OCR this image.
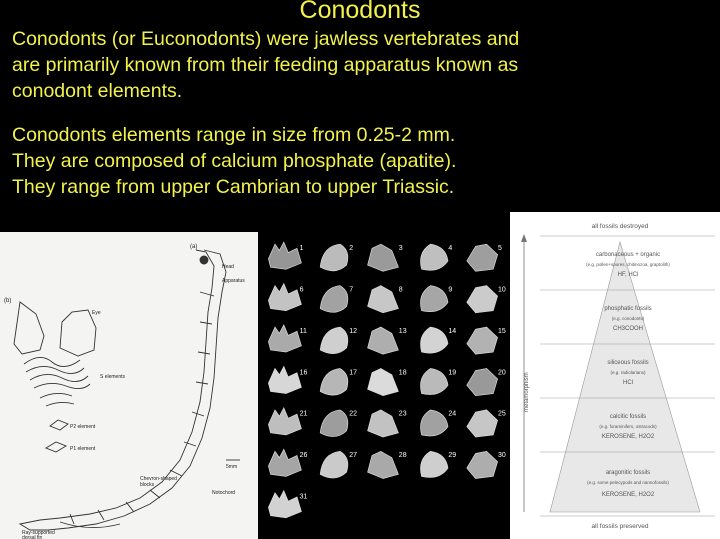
Conodonts

Conodonts (or Euconodonts) were jawless vertebrates and
are primarily known from their feeding apparatus known as
conodont elements.

Conodonts elements range in size from 0.25-2 mm.
They are composed of calcium phosphate (apatite).
They range from upper Cambrian to upper Triassic.

(b)
(a)
Eye
S elements
P2 element
P1 element
Head
Apparatus
Chevron-shaped
blocks
Notochord
Ray-supported
dorsal fin
5mm
1	2	3	4	5
6	7	8	9	10
11	12	13	14	15
16	17	18	19	20
21	22	23	24	25
26	27	28	29	30
31
metamorphism
all fossils destroyed
all fossils preserved
carbonaceous + organic
(e.g. pollen+spores, chitinozoa, graptolith)
HF, HCl
phosphatic fossils
(e.g. conodonts)
CH3COOH
siliceous fossils
(e.g. radiolarians)
HCl
calcitic fossils
(e.g. foraminifers, ostracods)
KEROSENE, H2O2
aragonitic fossils
(e.g. some pelecypods and nannofossils)
KEROSENE, H2O2
